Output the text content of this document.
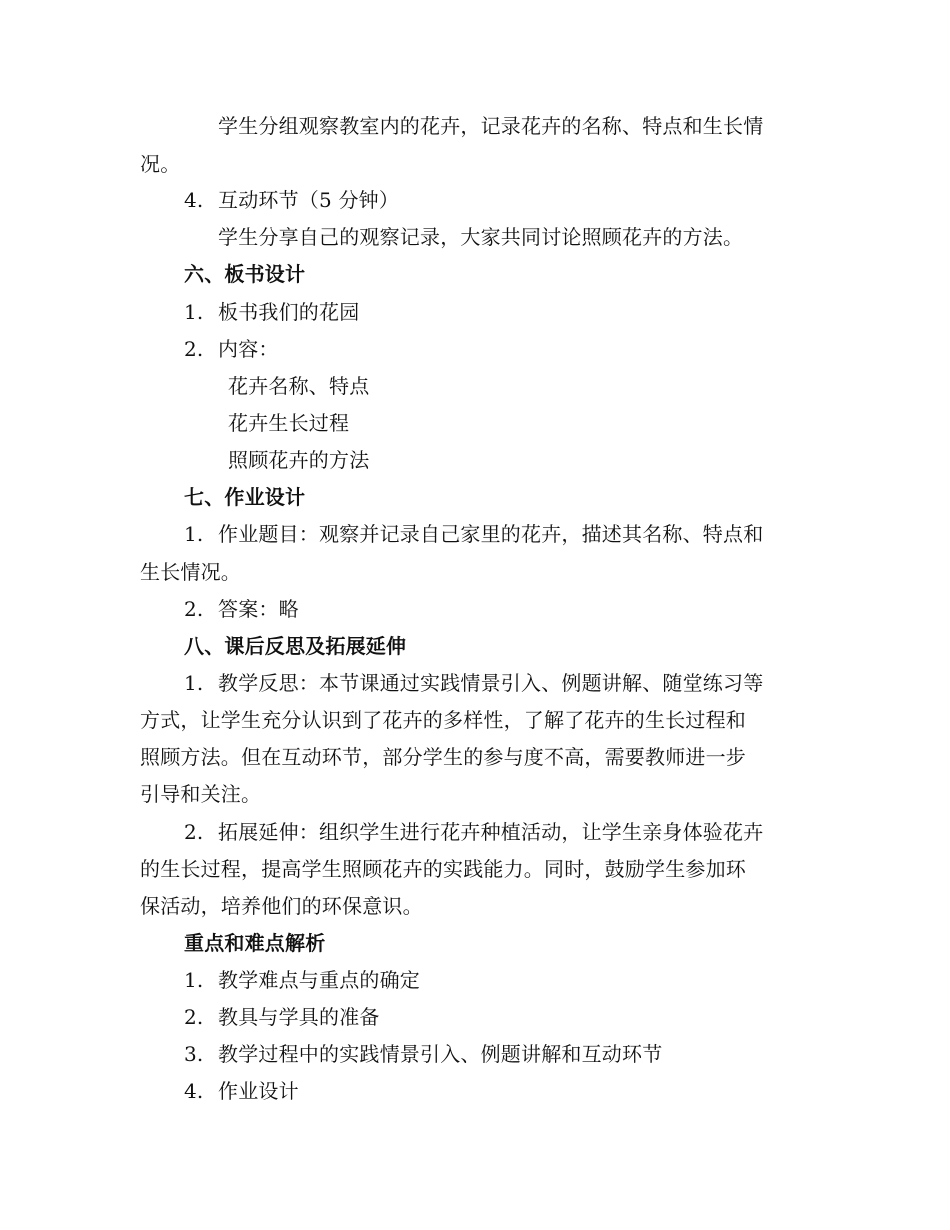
学生分组观察教室内的花卉，记录花卉的名称、特点和生长情
况。
4. 互动环节（5 分钟）
学生分享自己的观察记录，大家共同讨论照顾花卉的方法。
六、板书设计
1. 板书我们的花园
2. 内容：
花卉名称、特点
花卉生长过程
照顾花卉的方法
七、作业设计
1. 作业题目：观察并记录自己家里的花卉，描述其名称、特点和
生长情况。
2. 答案：略
八、课后反思及拓展延伸
1. 教学反思：本节课通过实践情景引入、例题讲解、随堂练习等
方式，让学生充分认识到了花卉的多样性，了解了花卉的生长过程和
照顾方法。但在互动环节，部分学生的参与度不高，需要教师进一步
引导和关注。
2. 拓展延伸：组织学生进行花卉种植活动，让学生亲身体验花卉
的生长过程，提高学生照顾花卉的实践能力。同时，鼓励学生参加环
保活动，培养他们的环保意识。
重点和难点解析
1. 教学难点与重点的确定
2. 教具与学具的准备
3. 教学过程中的实践情景引入、例题讲解和互动环节
4. 作业设计
